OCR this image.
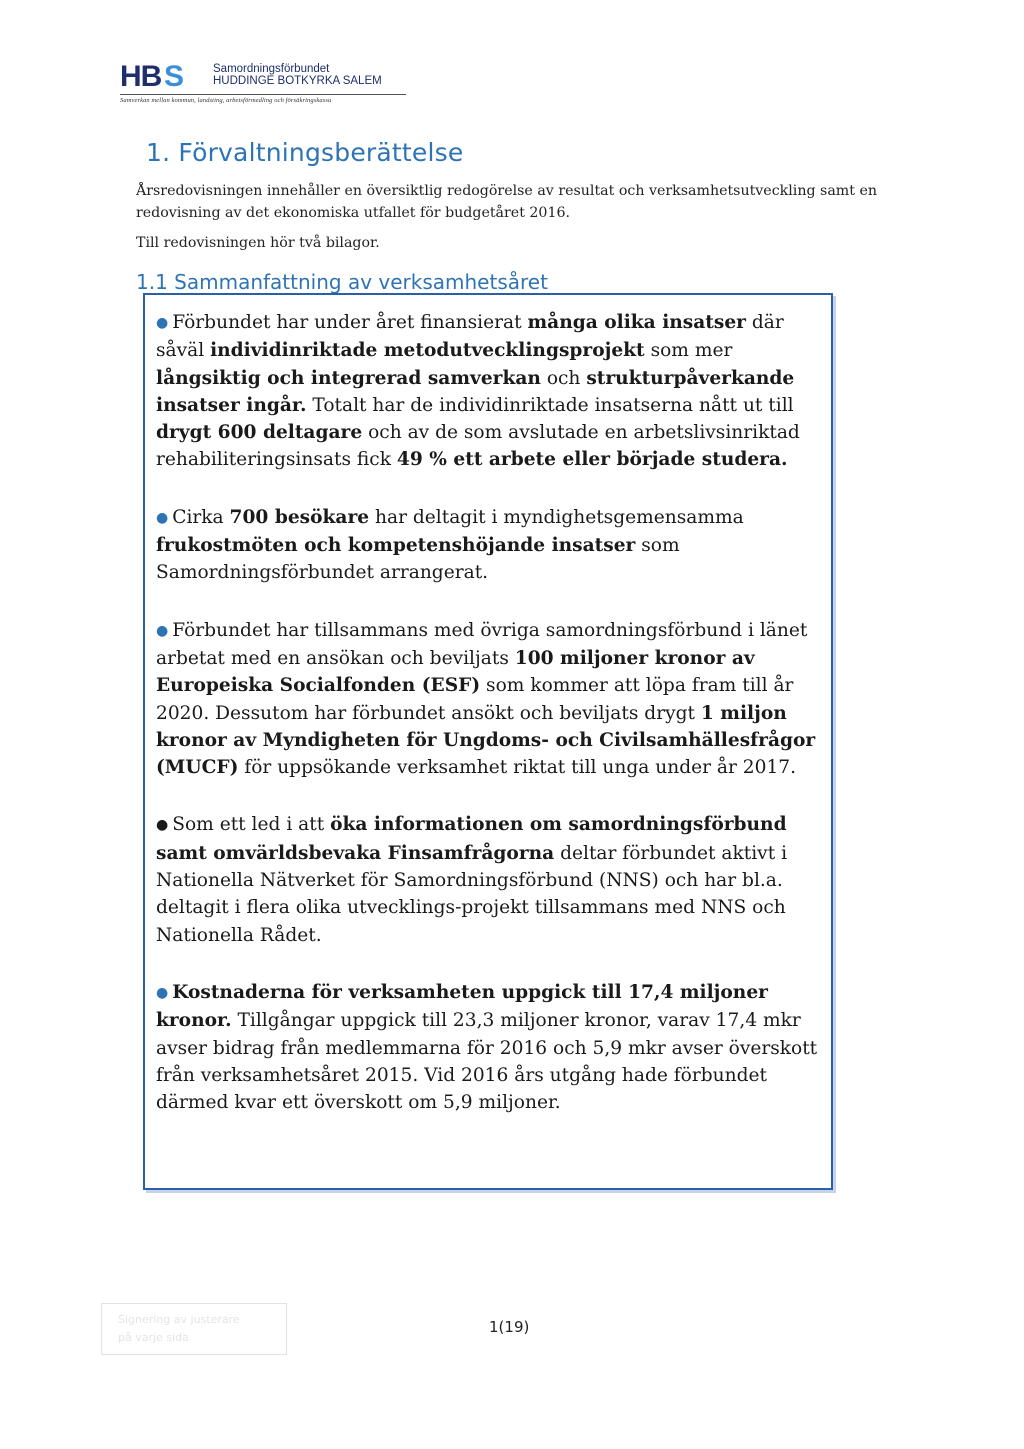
HB S	Samordningsförbundet
HUDDINGE BOTKYRKA SALEM
Samverkan mellan kommun, landsting, arbetsförmedling och försäkringskassa
1. Förvaltningsberättelse

Årsredovisningen innehåller en översiktlig redogörelse av resultat och verksamhetsutveckling samt en redovisning av det ekonomiska utfallet för budgetåret 2016.

Till redovisningen hör två bilagor.

1.1 Sammanfattning av verksamhetsåret

● Förbundet har under året finansierat många olika insatser där såväl individinriktade metodutvecklingsprojekt som mer långsiktig och integrerad samverkan och strukturpåverkande insatser ingår. Totalt har de individinriktade insatserna nått ut till drygt 600 deltagare och av de som avslutade en arbetslivsinriktad rehabiliteringsinsats fick 49 % ett arbete eller började studera.

● Cirka 700 besökare har deltagit i myndighetsgemensamma frukostmöten och kompetenshöjande insatser som Samordningsförbundet arrangerat.

● Förbundet har tillsammans med övriga samordningsförbund i länet arbetat med en ansökan och beviljats 100 miljoner kronor av Europeiska Socialfonden (ESF) som kommer att löpa fram till år 2020. Dessutom har förbundet ansökt och beviljats drygt 1 miljon kronor av Myndigheten för Ungdoms- och Civilsamhällesfrågor (MUCF) för uppsökande verksamhet riktat till unga under år 2017.

● Som ett led i att öka informationen om samordningsförbund samt omvärldsbevaka Finsamfrågorna deltar förbundet aktivt i Nationella Nätverket för Samordningsförbund (NNS) och har bl.a. deltagit i flera olika utvecklings-projekt tillsammans med NNS och Nationella Rådet.

● Kostnaderna för verksamheten uppgick till 17,4 miljoner kronor. Tillgångar uppgick till 23,3 miljoner kronor, varav 17,4 mkr avser bidrag från medlemmarna för 2016 och 5,9 mkr avser överskott från verksamhetsåret 2015. Vid 2016 års utgång hade förbundet därmed kvar ett överskott om 5,9 miljoner.

Signering av justerare
på varje sida

1(19)
